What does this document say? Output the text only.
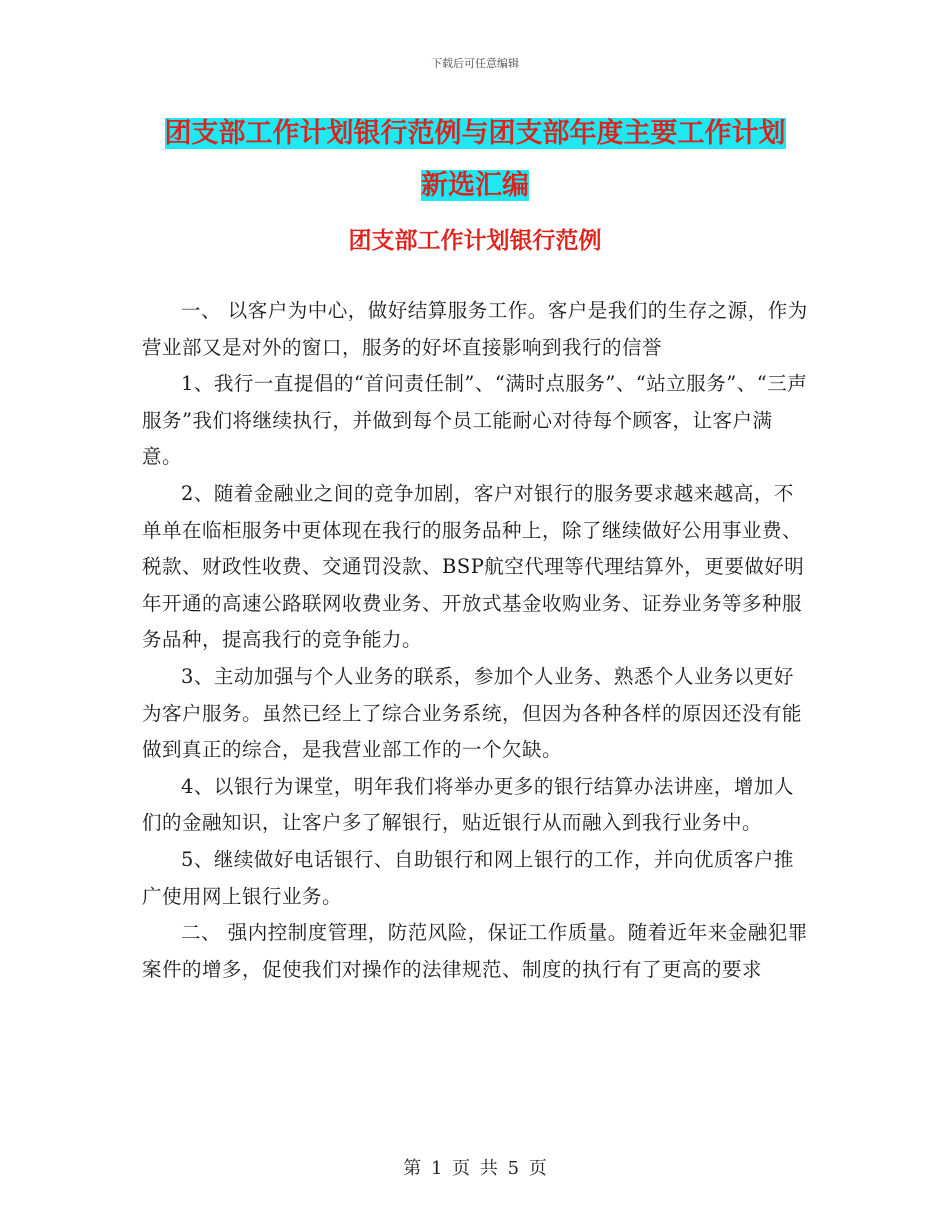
下载后可任意编辑
团支部工作计划银行范例与团支部年度主要工作计划
新选汇编
团支部工作计划银行范例

一、 以客户为中心，做好结算服务工作。客户是我们的生存之源，作为营业部又是对外的窗口，服务的好坏直接影响到我行的信誉

1、我行一直提倡的“首问责任制”、“满时点服务”、“站立服务”、“三声服务”我们将继续执行，并做到每个员工能耐心对待每个顾客，让客户满意。

2、随着金融业之间的竞争加剧，客户对银行的服务要求越来越高，不单单在临柜服务中更体现在我行的服务品种上，除了继续做好公用事业费、税款、财政性收费、交通罚没款、BSP航空代理等代理结算外，更要做好明年开通的高速公路联网收费业务、开放式基金收购业务、证券业务等多种服务品种，提高我行的竞争能力。

3、主动加强与个人业务的联系，参加个人业务、熟悉个人业务以更好为客户服务。虽然已经上了综合业务系统，但因为各种各样的原因还没有能做到真正的综合，是我营业部工作的一个欠缺。

4、以银行为课堂，明年我们将举办更多的银行结算办法讲座，增加人们的金融知识，让客户多了解银行，贴近银行从而融入到我行业务中。

5、继续做好电话银行、自助银行和网上银行的工作，并向优质客户推广使用网上银行业务。

二、 强内控制度管理，防范风险，保证工作质量。随着近年来金融犯罪案件的增多，促使我们对操作的法律规范、制度的执行有了更高的要求

第 1 页 共 5 页
